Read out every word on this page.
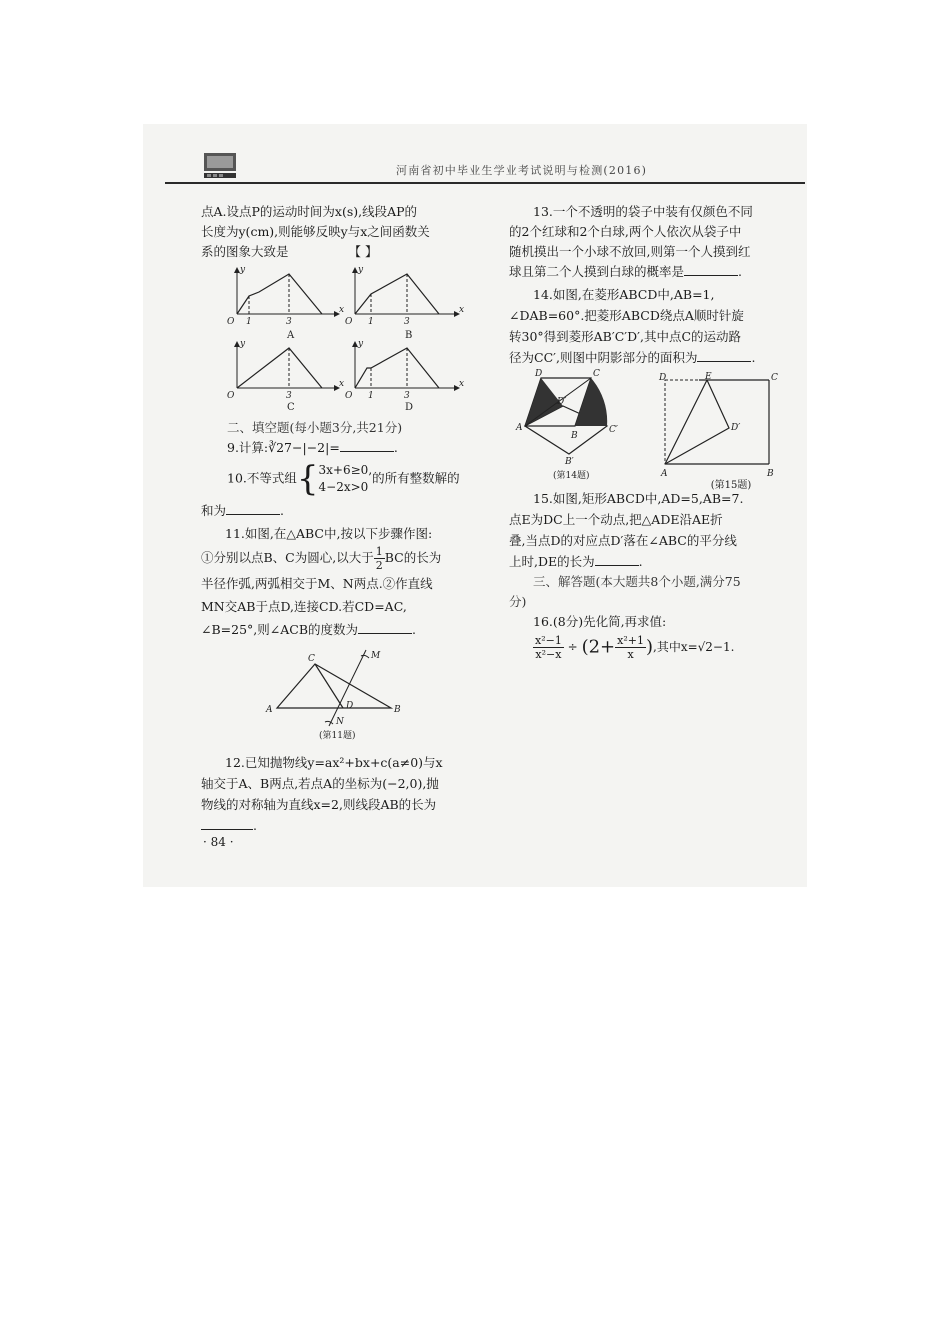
河南省初中毕业生学业考试说明与检测(2016)
点A.设点P的运动时间为x(s),线段AP的
长度为y(cm),则能够反映y与x之间函数关
系的图象大致是	【 】
O 1	3
x
y
O 1	3
x
y
O	3
x
y
O 1	3
x
y
A	B
C	D
二、填空题(每小题3分,共21分)
9.计算:∛27−|−2|=	.
10.不等式组{ 3x+6≥0,
4−2x>0
的所有整数解的
和为	.
11.如图,在△ABC中,按以下步骤作图:
①分别以点B、C为圆心,以大于 $\frac{1}{2}$ BC的长为
半径作弧,两弧相交于M、N两点.②作直线
MN交AB于点D,连接CD.若CD=AC,
∠B=25°,则∠ACB的度数为	.
A	B
C
D
M
N
(第11题)
12.已知抛物线y=ax²+bx+c(a≠0)与x
轴交于A、B两点,若点A的坐标为(−2,0),抛
物线的对称轴为直线x=2,则线段AB的长为
.
· 84 ·
13.一个不透明的袋子中装有仅颜色不同
的2个红球和2个白球,两个人依次从袋子中
随机摸出一个小球不放回,则第一个人摸到红
球且第二个人摸到白球的概率是	.
14.如图,在菱形ABCD中,AB=1,
∠DAB=60°.把菱形ABCD绕点A顺时针旋
转30°得到菱形AB′C′D′,其中点C的运动路
径为CC′,则图中阴影部分的面积为	.
A
B
C
D
B′
C′
D′
(第14题)	A	B
C
D	E
D′
(第15题)
15.如图,矩形ABCD中,AD=5,AB=7.
点E为DC上一个动点,把△ADE沿AE折
叠,当点D的对应点D′落在∠ABC的平分线
上时,DE的长为	.
三、解答题(本大题共8个小题,满分75
分)
16.(8分)先化简,再求值:
$\frac{\text{x²−1}}{\text{x²−x}} \div (2+ \frac{\text{x²+1}}{x}$ ),其中x=√2−1.
